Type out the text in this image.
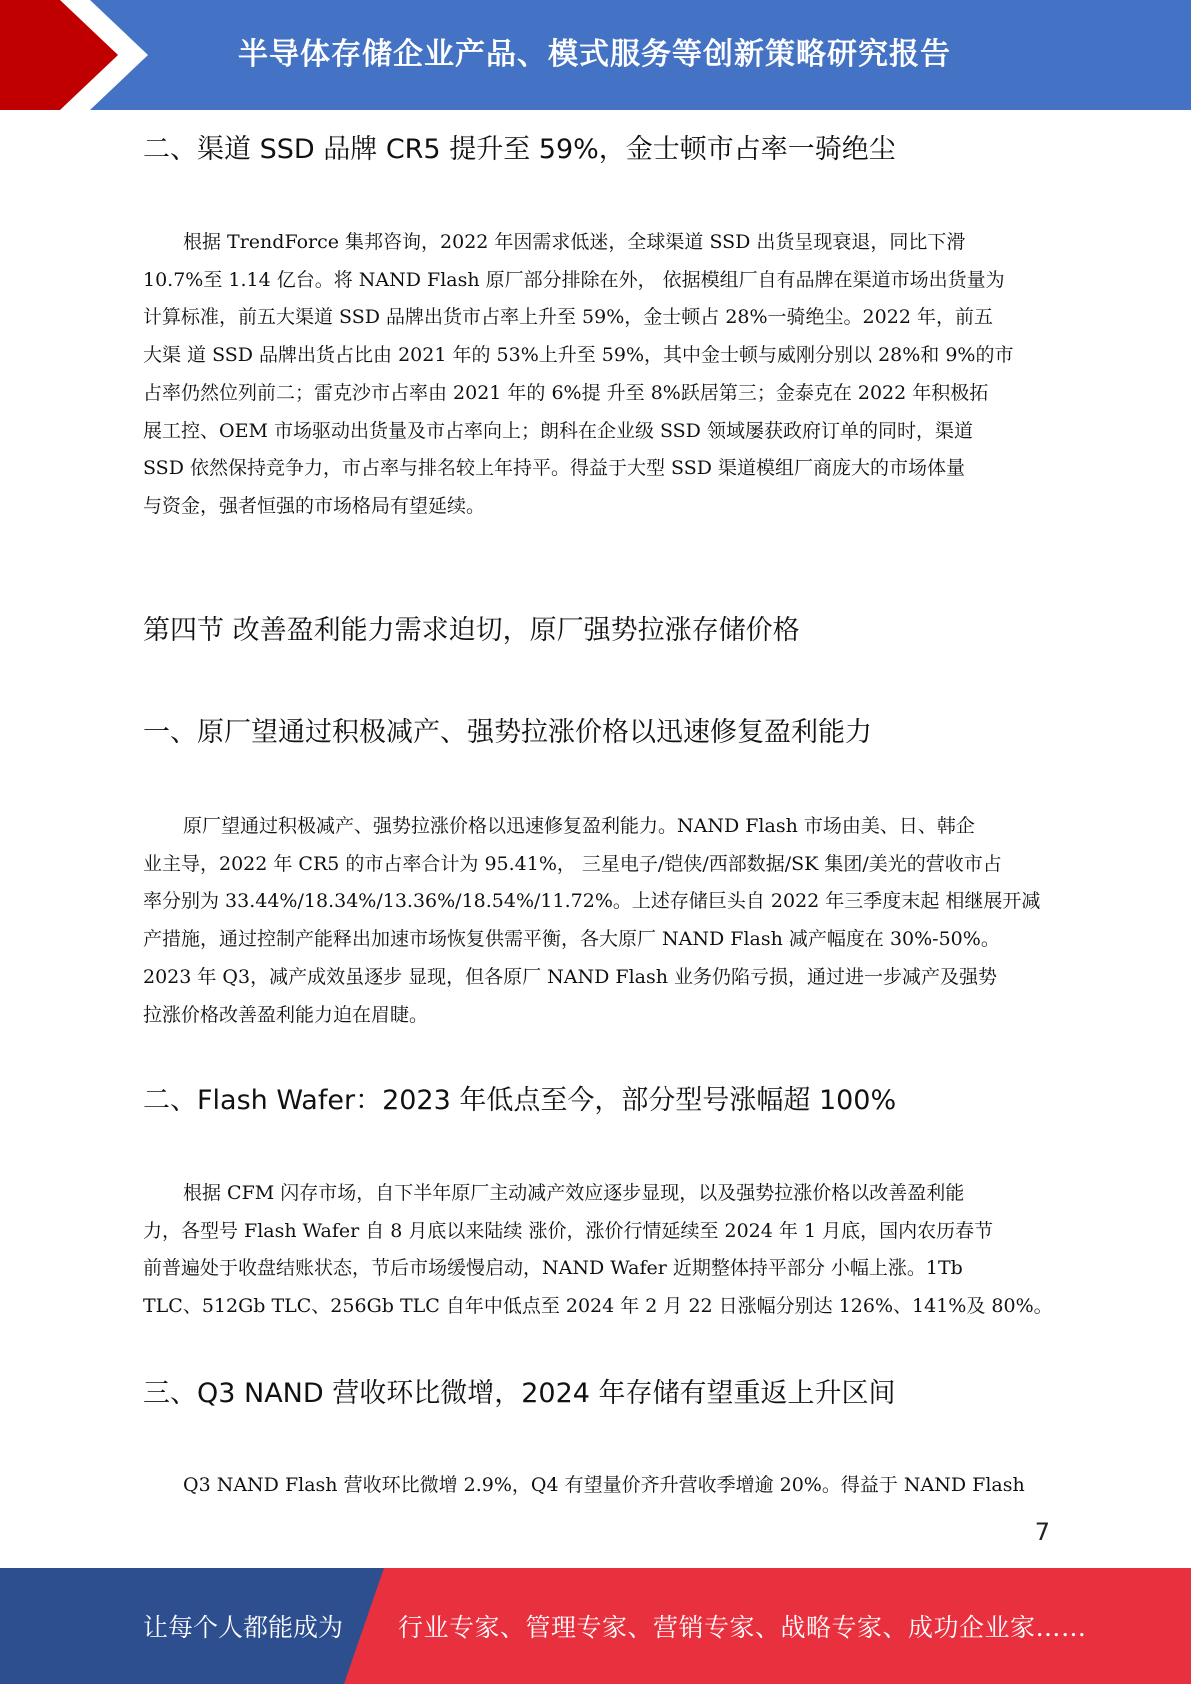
半导体存储企业产品、模式服务等创新策略研究报告
二、渠道 SSD 品牌 CR5 提升至 59%，金士顿市占率一骑绝尘
根据 TrendForce 集邦咨询，2022 年因需求低迷，全球渠道 SSD 出货呈现衰退，同比下滑
10.7%至 1.14 亿台。将 NAND Flash 原厂部分排除在外， 依据模组厂自有品牌在渠道市场出货量为
计算标准，前五大渠道 SSD 品牌出货市占率上升至 59%，金士顿占 28%一骑绝尘。2022 年，前五
大渠 道 SSD 品牌出货占比由 2021 年的 53%上升至 59%，其中金士顿与威刚分别以 28%和 9%的市
占率仍然位列前二；雷克沙市占率由 2021 年的 6%提 升至 8%跃居第三；金泰克在 2022 年积极拓
展工控、OEM 市场驱动出货量及市占率向上；朗科在企业级 SSD 领域屡获政府订单的同时，渠道
SSD 依然保持竞争力，市占率与排名较上年持平。得益于大型 SSD 渠道模组厂商庞大的市场体量
与资金，强者恒强的市场格局有望延续。
第四节 改善盈利能力需求迫切，原厂强势拉涨存储价格
一、原厂望通过积极减产、强势拉涨价格以迅速修复盈利能力
原厂望通过积极减产、强势拉涨价格以迅速修复盈利能力。NAND Flash 市场由美、日、韩企
业主导，2022 年 CR5 的市占率合计为 95.41%， 三星电子/铠侠/西部数据/SK 集团/美光的营收市占
率分别为 33.44%/18.34%/13.36%/18.54%/11.72%。上述存储巨头自 2022 年三季度末起 相继展开减
产措施，通过控制产能释出加速市场恢复供需平衡，各大原厂 NAND Flash 减产幅度在 30%-50%。
2023 年 Q3，减产成效虽逐步 显现，但各原厂 NAND Flash 业务仍陷亏损，通过进一步减产及强势
拉涨价格改善盈利能力迫在眉睫。
二、Flash Wafer：2023 年低点至今，部分型号涨幅超 100%
根据 CFM 闪存市场，自下半年原厂主动减产效应逐步显现，以及强势拉涨价格以改善盈利能
力，各型号 Flash Wafer 自 8 月底以来陆续 涨价，涨价行情延续至 2024 年 1 月底，国内农历春节
前普遍处于收盘结账状态，节后市场缓慢启动，NAND Wafer 近期整体持平部分 小幅上涨。1Tb
TLC、512Gb TLC、256Gb TLC 自年中低点至 2024 年 2 月 22 日涨幅分别达 126%、141%及 80%。
三、Q3 NAND 营收环比微增，2024 年存储有望重返上升区间
Q3 NAND Flash 营收环比微增 2.9%，Q4 有望量价齐升营收季增逾 20%。得益于 NAND Flash
7
让每个人都能成为 行业专家、管理专家、营销专家、战略专家、成功企业家……
